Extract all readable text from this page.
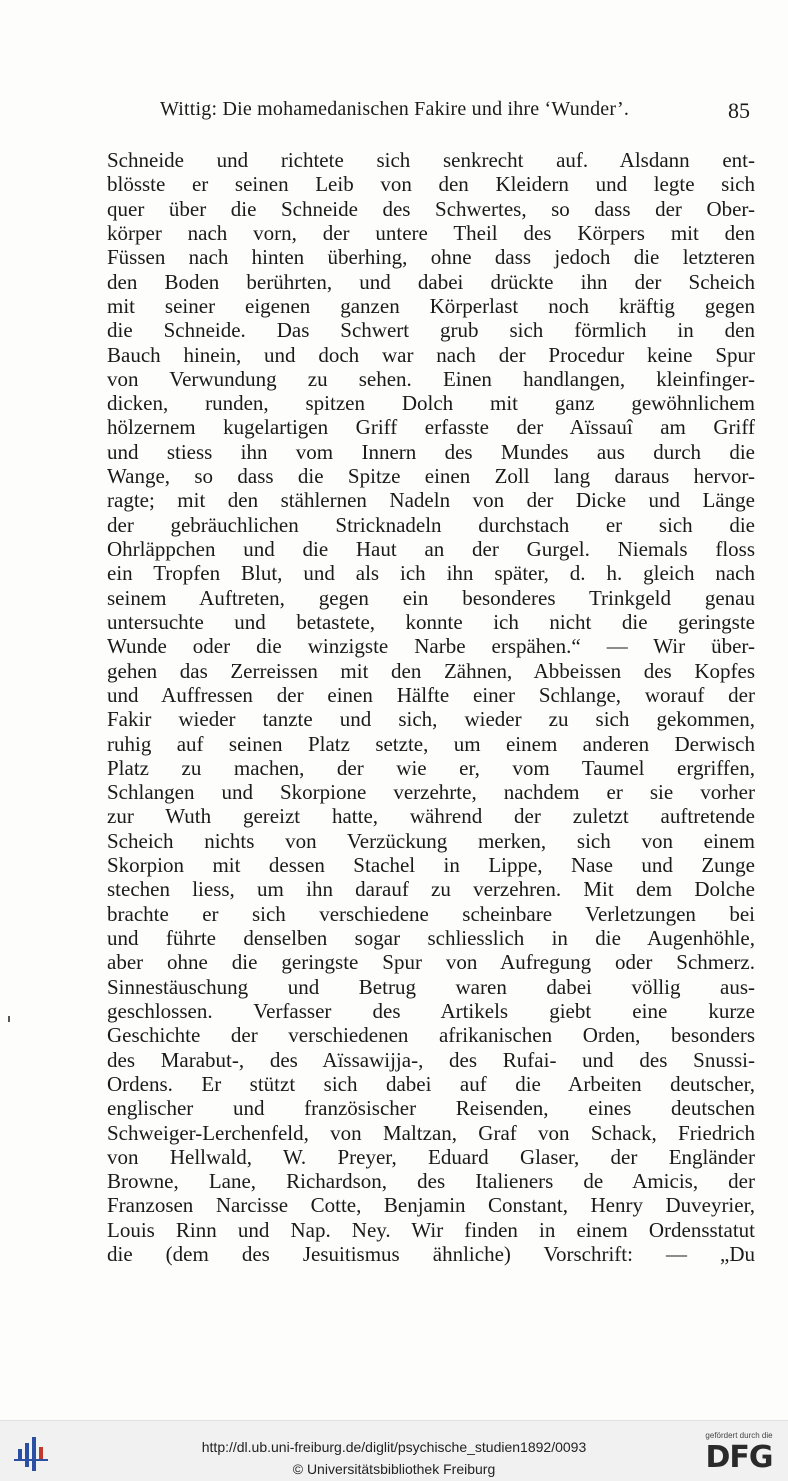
Wittig: Die mohamedanischen Fakire und ihre ‘Wunder’.	85
Schneide und richtete sich senkrecht auf. Alsdann ent-
blösste er seinen Leib von den Kleidern und legte sich
quer über die Schneide des Schwertes, so dass der Ober-
körper nach vorn, der untere Theil des Körpers mit den
Füssen nach hinten überhing, ohne dass jedoch die letzteren
den Boden berührten, und dabei drückte ihn der Scheich
mit seiner eigenen ganzen Körperlast noch kräftig gegen
die Schneide. Das Schwert grub sich förmlich in den
Bauch hinein, und doch war nach der Procedur keine Spur
von Verwundung zu sehen. Einen handlangen, kleinfinger-
dicken, runden, spitzen Dolch mit ganz gewöhnlichem
hölzernem kugelartigen Griff erfasste der Aïssauî am Griff
und stiess ihn vom Innern des Mundes aus durch die
Wange, so dass die Spitze einen Zoll lang daraus hervor-
ragte; mit den stählernen Nadeln von der Dicke und Länge
der gebräuchlichen Stricknadeln durchstach er sich die
Ohrläppchen und die Haut an der Gurgel. Niemals floss
ein Tropfen Blut, und als ich ihn später, d. h. gleich nach
seinem Auftreten, gegen ein besonderes Trinkgeld genau
untersuchte und betastete, konnte ich nicht die geringste
Wunde oder die winzigste Narbe erspähen.“ — Wir über-
gehen das Zerreissen mit den Zähnen, Abbeissen des Kopfes
und Auffressen der einen Hälfte einer Schlange, worauf der
Fakir wieder tanzte und sich, wieder zu sich gekommen,
ruhig auf seinen Platz setzte, um einem anderen Derwisch
Platz zu machen, der wie er, vom Taumel ergriffen,
Schlangen und Skorpione verzehrte, nachdem er sie vorher
zur Wuth gereizt hatte, während der zuletzt auftretende
Scheich nichts von Verzückung merken, sich von einem
Skorpion mit dessen Stachel in Lippe, Nase und Zunge
stechen liess, um ihn darauf zu verzehren. Mit dem Dolche
brachte er sich verschiedene scheinbare Verletzungen bei
und führte denselben sogar schliesslich in die Augenhöhle,
aber ohne die geringste Spur von Aufregung oder Schmerz.
Sinnestäuschung und Betrug waren dabei völlig aus-
geschlossen. Verfasser des Artikels giebt eine kurze
Geschichte der verschiedenen afrikanischen Orden, besonders
des Marabut-, des Aïssawijja-, des Rufai- und des Snussi-
Ordens. Er stützt sich dabei auf die Arbeiten deutscher,
englischer und französischer Reisenden, eines deutschen
Schweiger-Lerchenfeld, von Maltzan, Graf von Schack, Friedrich
von Hellwald, W. Preyer, Eduard Glaser, der Engländer
Browne, Lane, Richardson, des Italieners de Amicis, der
Franzosen Narcisse Cotte, Benjamin Constant, Henry Duveyrier,
Louis Rinn und Nap. Ney. Wir finden in einem Ordensstatut
die (dem des Jesuitismus ähnliche) Vorschrift: — „Du
http://dl.ub.uni-freiburg.de/diglit/psychische_studien1892/0093
© Universitätsbibliothek Freiburg
gefördert durch die
DFG
